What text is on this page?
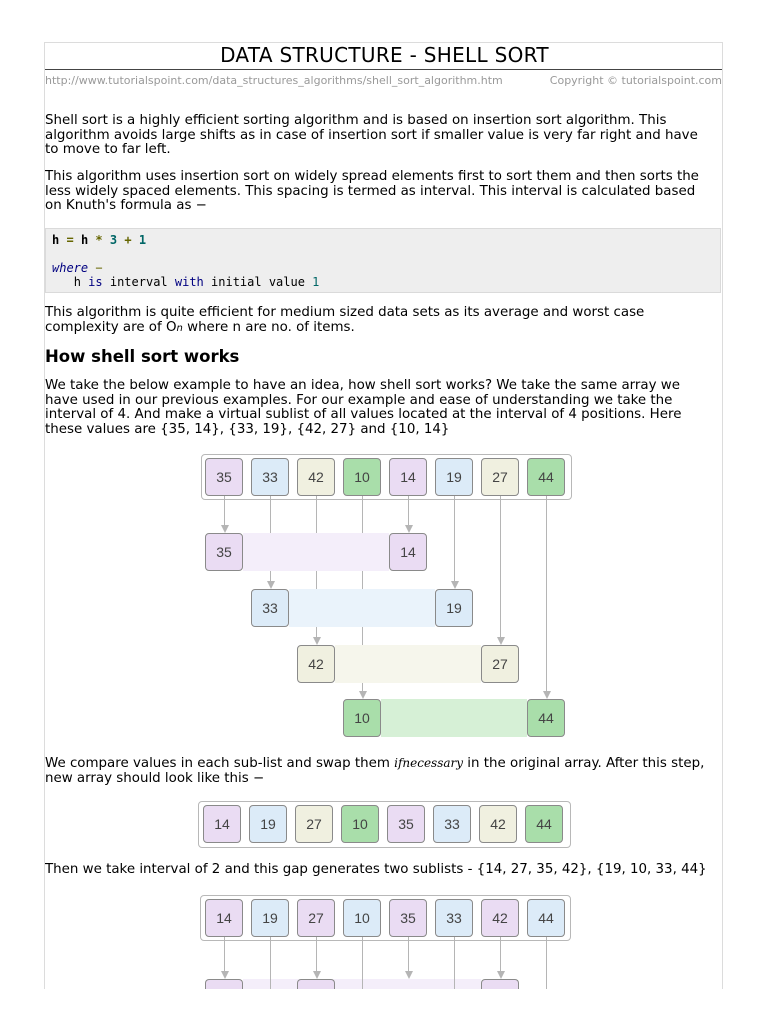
DATA STRUCTURE - SHELL SORT
http://www.tutorialspoint.com/data_structures_algorithms/shell_sort_algorithm.htm	Copyright © tutorialspoint.com
Shell sort is a highly efficient sorting algorithm and is based on insertion sort algorithm. This algorithm avoids large shifts as in case of insertion sort if smaller value is very far right and have to move to far left.
This algorithm uses insertion sort on widely spread elements first to sort them and then sorts the less widely spaced elements. This spacing is termed as interval. This interval is calculated based on Knuth's formula as −
h = h * 3 + 1

where −
h is interval with initial value 1
This algorithm is quite efficient for medium sized data sets as its average and worst case complexity are of On where n are no. of items.
How shell sort works
We take the below example to have an idea, how shell sort works? We take the same array we have used in our previous examples. For our example and ease of understanding we take the interval of 4. And make a virtual sublist of all values located at the interval of 4 positions. Here these values are {35, 14}, {33, 19}, {42, 27} and {10, 14}
35	33	42	10	14	19	27	44
35	14
33	19
42	27
10	44
We compare values in each sub-list and swap them ifnecessary in the original array. After this step, new array should look like this −
14	19	27	10	35	33	42	44
Then we take interval of 2 and this gap generates two sublists - {14, 27, 35, 42}, {19, 10, 33, 44}
14	19	27	10	35	33	42	44
